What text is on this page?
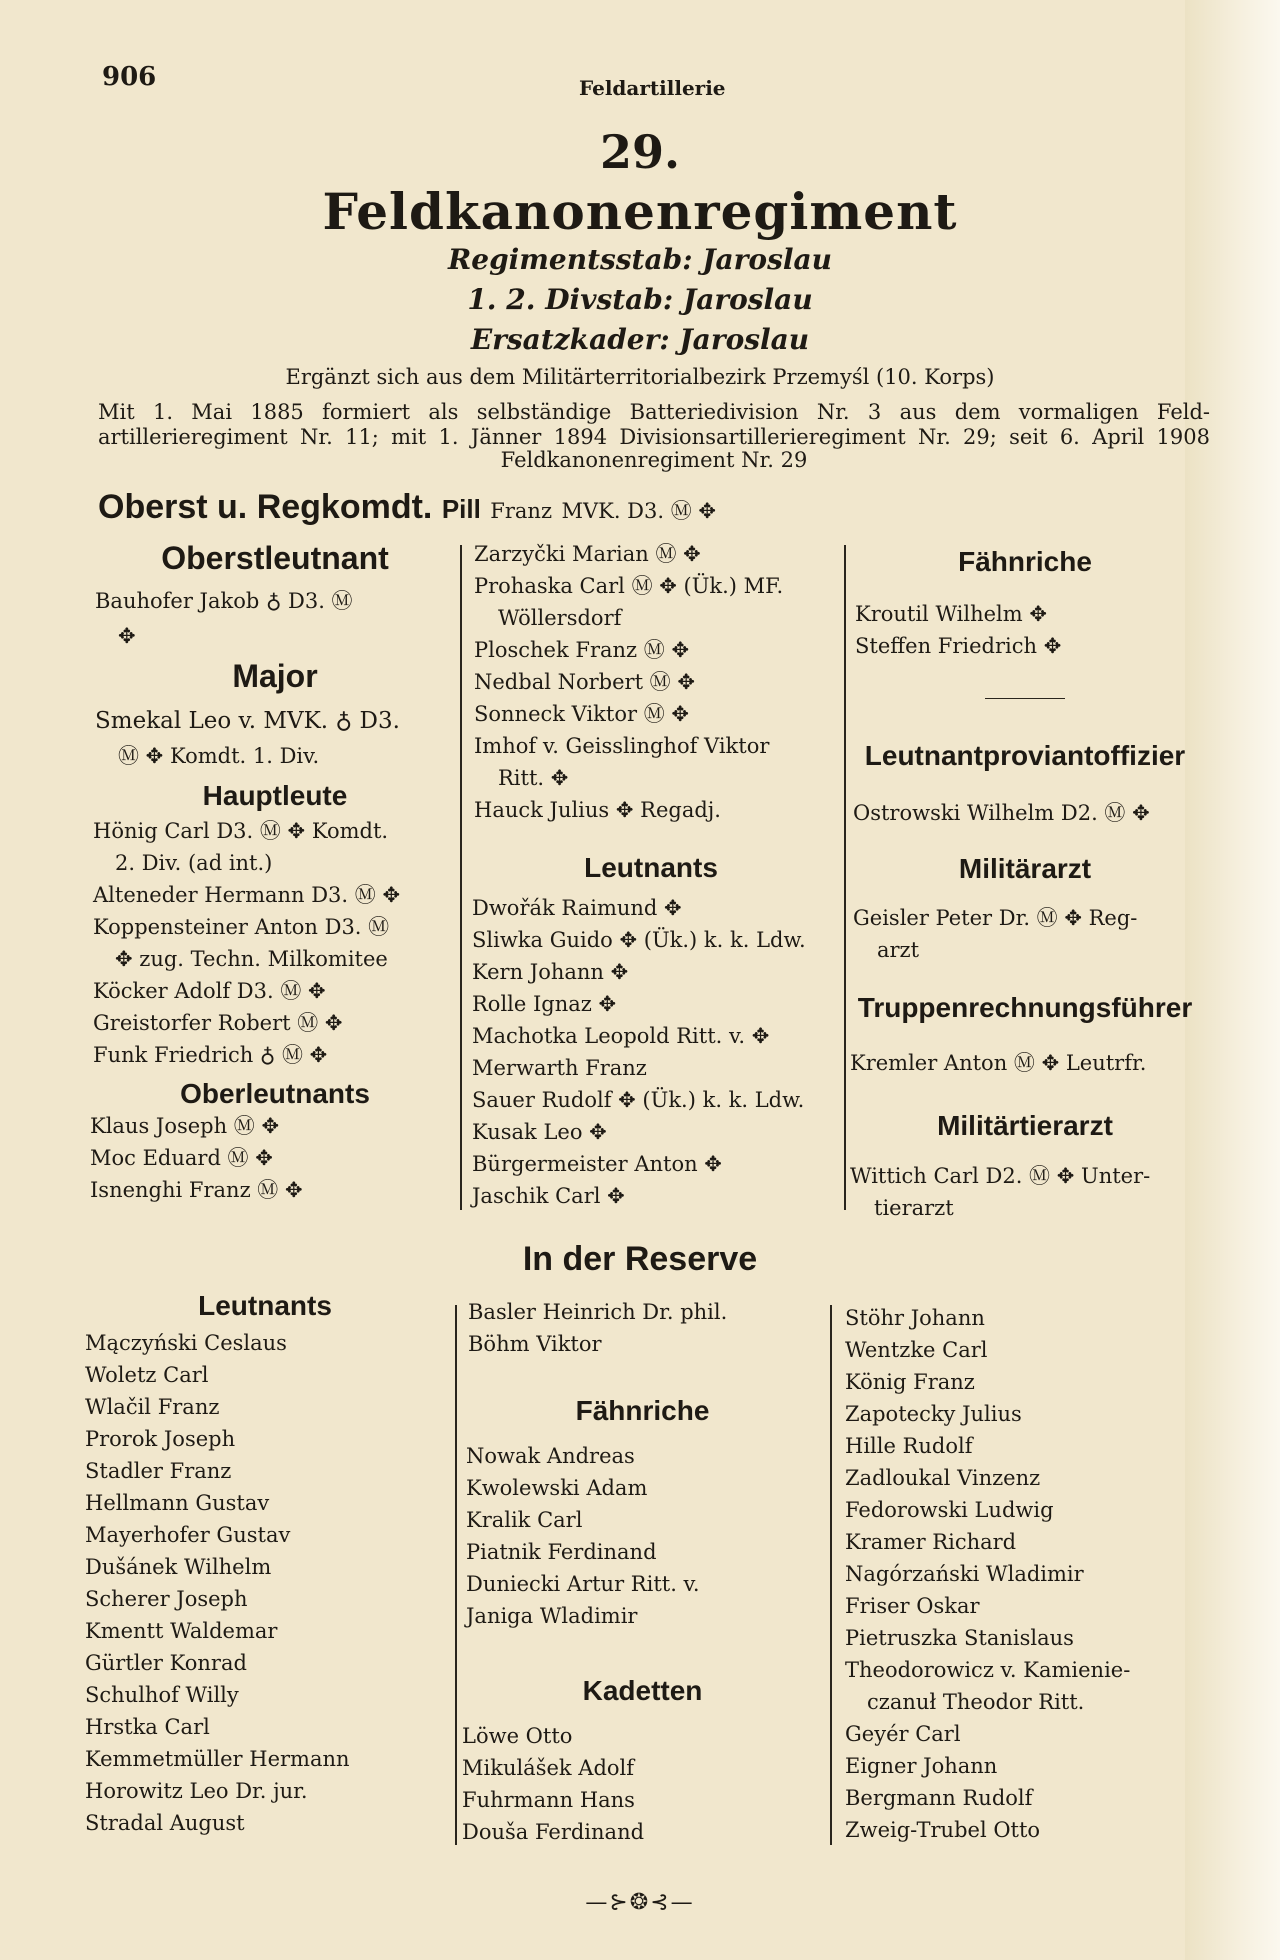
906	Feldartillerie
29.
Feldkanonenregiment
Regimentsstab: Jaroslau
1. 2. Divstab: Jaroslau
Ersatzkader: Jaroslau
Ergänzt sich aus dem Militärterritorialbezirk Przemyśl (10. Korps)
Mit 1. Mai 1885 formiert als selbständige Batteriedivision Nr. 3 aus dem vormaligen Feld-
artillerieregiment Nr. 11; mit 1. Jänner 1894 Divisionsartillerieregiment Nr. 29; seit 6. April 1908
Feldkanonenregiment Nr. 29
Oberst u. Regkomdt. Pill Franz MVK. D3. Ⓜ ✥
Oberstleutnant
Bauhofer Jakob ♁ D3. Ⓜ
✥
Major
Smekal Leo v. MVK. ♁ D3.
Ⓜ ✥ Komdt. 1. Div.
Hauptleute
Hönig Carl D3. Ⓜ ✥ Komdt.
2. Div. (ad int.)
Alteneder Hermann D3. Ⓜ ✥
Koppensteiner Anton D3. Ⓜ
✥ zug. Techn. Milkomitee
Köcker Adolf D3. Ⓜ ✥
Greistorfer Robert Ⓜ ✥
Funk Friedrich ♁ Ⓜ ✥
Oberleutnants
Klaus Joseph Ⓜ ✥
Moc Eduard Ⓜ ✥
Isnenghi Franz Ⓜ ✥
Zarzyčki Marian Ⓜ ✥
Prohaska Carl Ⓜ ✥ (Ük.) MF.
Wöllersdorf
Ploschek Franz Ⓜ ✥
Nedbal Norbert Ⓜ ✥
Sonneck Viktor Ⓜ ✥
Imhof v. Geisslinghof Viktor
Ritt. ✥
Hauck Julius ✥ Regadj.
Leutnants
Dwořák Raimund ✥
Sliwka Guido ✥ (Ük.) k. k. Ldw.
Kern Johann ✥
Rolle Ignaz ✥
Machotka Leopold Ritt. v. ✥
Merwarth Franz
Sauer Rudolf ✥ (Ük.) k. k. Ldw.
Kusak Leo ✥
Bürgermeister Anton ✥
Jaschik Carl ✥
Fähnriche
Kroutil Wilhelm ✥
Steffen Friedrich ✥
Leutnantproviantoffizier
Ostrowski Wilhelm D2. Ⓜ ✥
Militärarzt
Geisler Peter Dr. Ⓜ ✥ Reg-
arzt
Truppenrechnungsführer
Kremler Anton Ⓜ ✥ Leutrfr.
Militärtierarzt
Wittich Carl D2. Ⓜ ✥ Unter-
tierarzt
In der Reserve
Leutnants
Mączyński Ceslaus
Woletz Carl
Wlačil Franz
Prorok Joseph
Stadler Franz
Hellmann Gustav
Mayerhofer Gustav
Dušánek Wilhelm
Scherer Joseph
Kmentt Waldemar
Gürtler Konrad
Schulhof Willy
Hrstka Carl
Kemmetmüller Hermann
Horowitz Leo Dr. jur.
Stradal August
Basler Heinrich Dr. phil.
Böhm Viktor
Fähnriche
Nowak Andreas
Kwolewski Adam
Kralik Carl
Piatnik Ferdinand
Duniecki Artur Ritt. v.
Janiga Wladimir
Kadetten
Löwe Otto
Mikulášek Adolf
Fuhrmann Hans
Douša Ferdinand
Stöhr Johann
Wentzke Carl
König Franz
Zapotecky Julius
Hille Rudolf
Zadloukal Vinzenz
Fedorowski Ludwig
Kramer Richard
Nagórzański Wladimir
Friser Oskar
Pietruszka Stanislaus
Theodorowicz v. Kamienie-
czanuł Theodor Ritt.
Geyér Carl
Eigner Johann
Bergmann Rudolf
Zweig-Trubel Otto
—⊱❂⊰—
